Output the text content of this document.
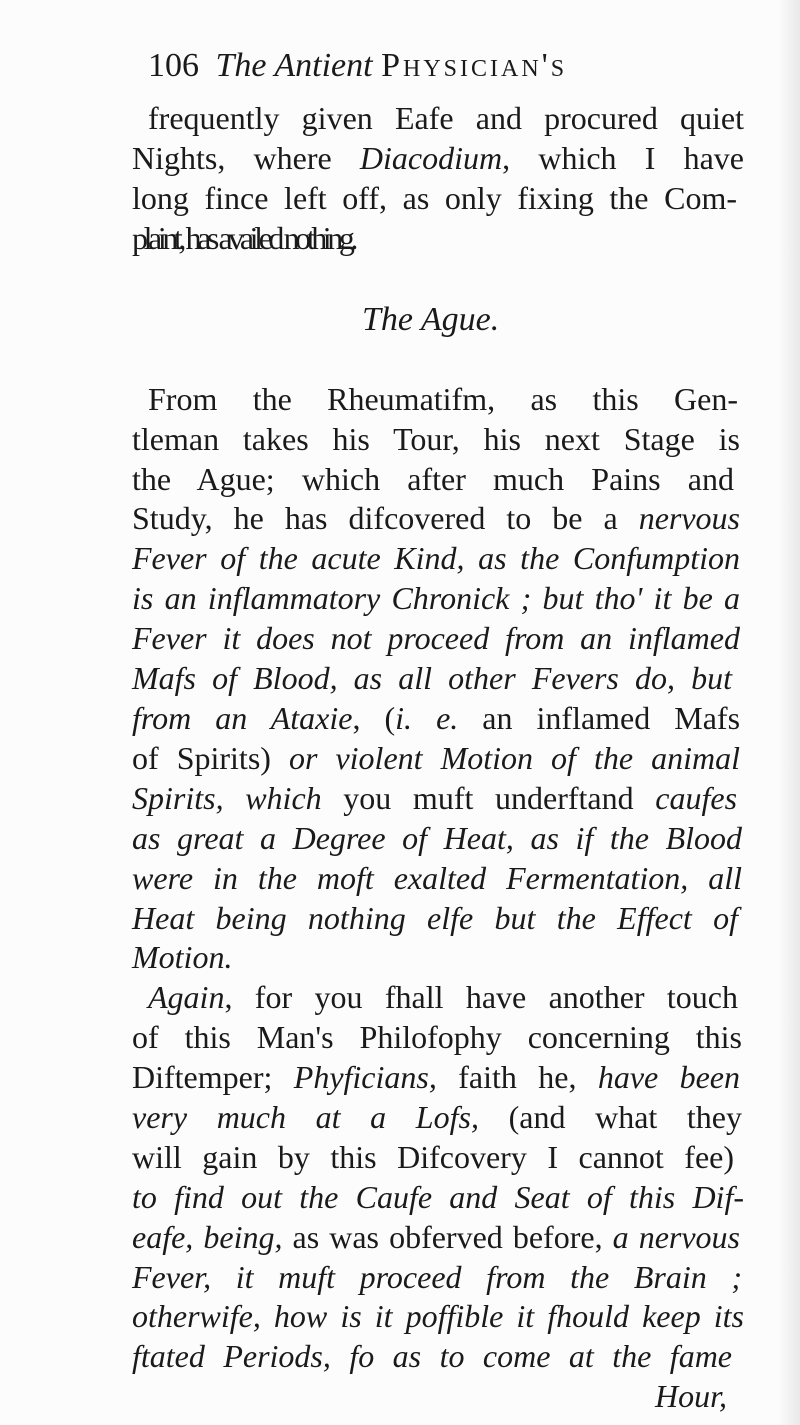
106 The Antient Physician's
frequently given Eafe and procured quiet
Nights, where Diacodium, which I have
long fince left off, as only fixing the Com-
plaint, has availed nothing.
The Ague.
From the Rheumatifm, as this Gen-
tleman takes his Tour, his next Stage is
the Ague; which after much Pains and
Study, he has difcovered to be a nervous
Fever of the acute Kind, as the Confumption
is an inflammatory Chronick ; but tho' it be a
Fever it does not proceed from an inflamed
Mafs of Blood, as all other Fevers do, but
from an Ataxie, (i. e. an inflamed Mafs
of Spirits) or violent Motion of the animal
Spirits, which you muft underftand caufes
as great a Degree of Heat, as if the Blood
were in the moft exalted Fermentation, all
Heat being nothing elfe but the Effect of
Motion.
Again, for you fhall have another touch
of this Man's Philofophy concerning this
Diftemper; Phyficians, faith he, have been
very much at a Lofs, (and what they
will gain by this Difcovery I cannot fee)
to find out the Caufe and Seat of this Dif-
eafe, being, as was obferved before, a nervous
Fever, it muft proceed from the Brain ;
otherwife, how is it poffible it fhould keep its
ftated Periods, fo as to come at the fame
Hour,
